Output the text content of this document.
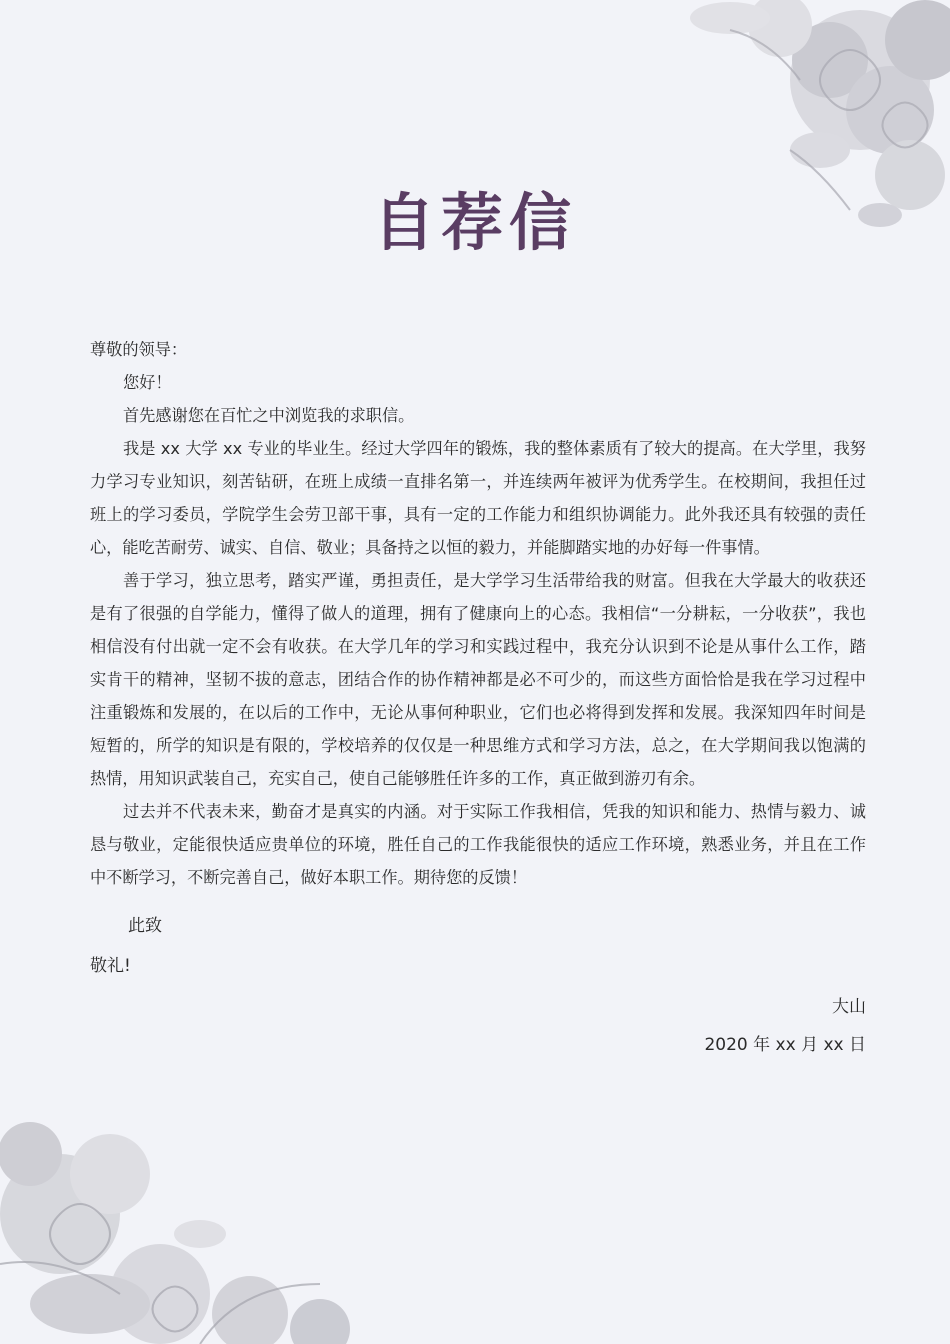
自荐信

尊敬的领导：

您好！

首先感谢您在百忙之中浏览我的求职信。

我是 xx 大学 xx 专业的毕业生。经过大学四年的锻炼，我的整体素质有了较大的提高。在大学里，我努力学习专业知识，刻苦钻研，在班上成绩一直排名第一，并连续两年被评为优秀学生。在校期间，我担任过班上的学习委员，学院学生会劳卫部干事，具有一定的工作能力和组织协调能力。此外我还具有较强的责任心，能吃苦耐劳、诚实、自信、敬业；具备持之以恒的毅力，并能脚踏实地的办好每一件事情。

善于学习，独立思考，踏实严谨，勇担责任，是大学学习生活带给我的财富。但我在大学最大的收获还是有了很强的自学能力，懂得了做人的道理，拥有了健康向上的心态。我相信“一分耕耘，一分收获”，我也相信没有付出就一定不会有收获。在大学几年的学习和实践过程中，我充分认识到不论是从事什么工作，踏实肯干的精神，坚韧不拔的意志，团结合作的协作精神都是必不可少的，而这些方面恰恰是我在学习过程中注重锻炼和发展的，在以后的工作中，无论从事何种职业，它们也必将得到发挥和发展。我深知四年时间是短暂的，所学的知识是有限的，学校培养的仅仅是一种思维方式和学习方法，总之，在大学期间我以饱满的热情，用知识武装自己，充实自己，使自己能够胜任许多的工作，真正做到游刃有余。

过去并不代表未来，勤奋才是真实的内涵。对于实际工作我相信，凭我的知识和能力、热情与毅力、诚恳与敬业，定能很快适应贵单位的环境，胜任自己的工作我能很快的适应工作环境，熟悉业务，并且在工作中不断学习，不断完善自己，做好本职工作。期待您的反馈！

此致

敬礼!

大山

2020 年 xx 月 xx 日
